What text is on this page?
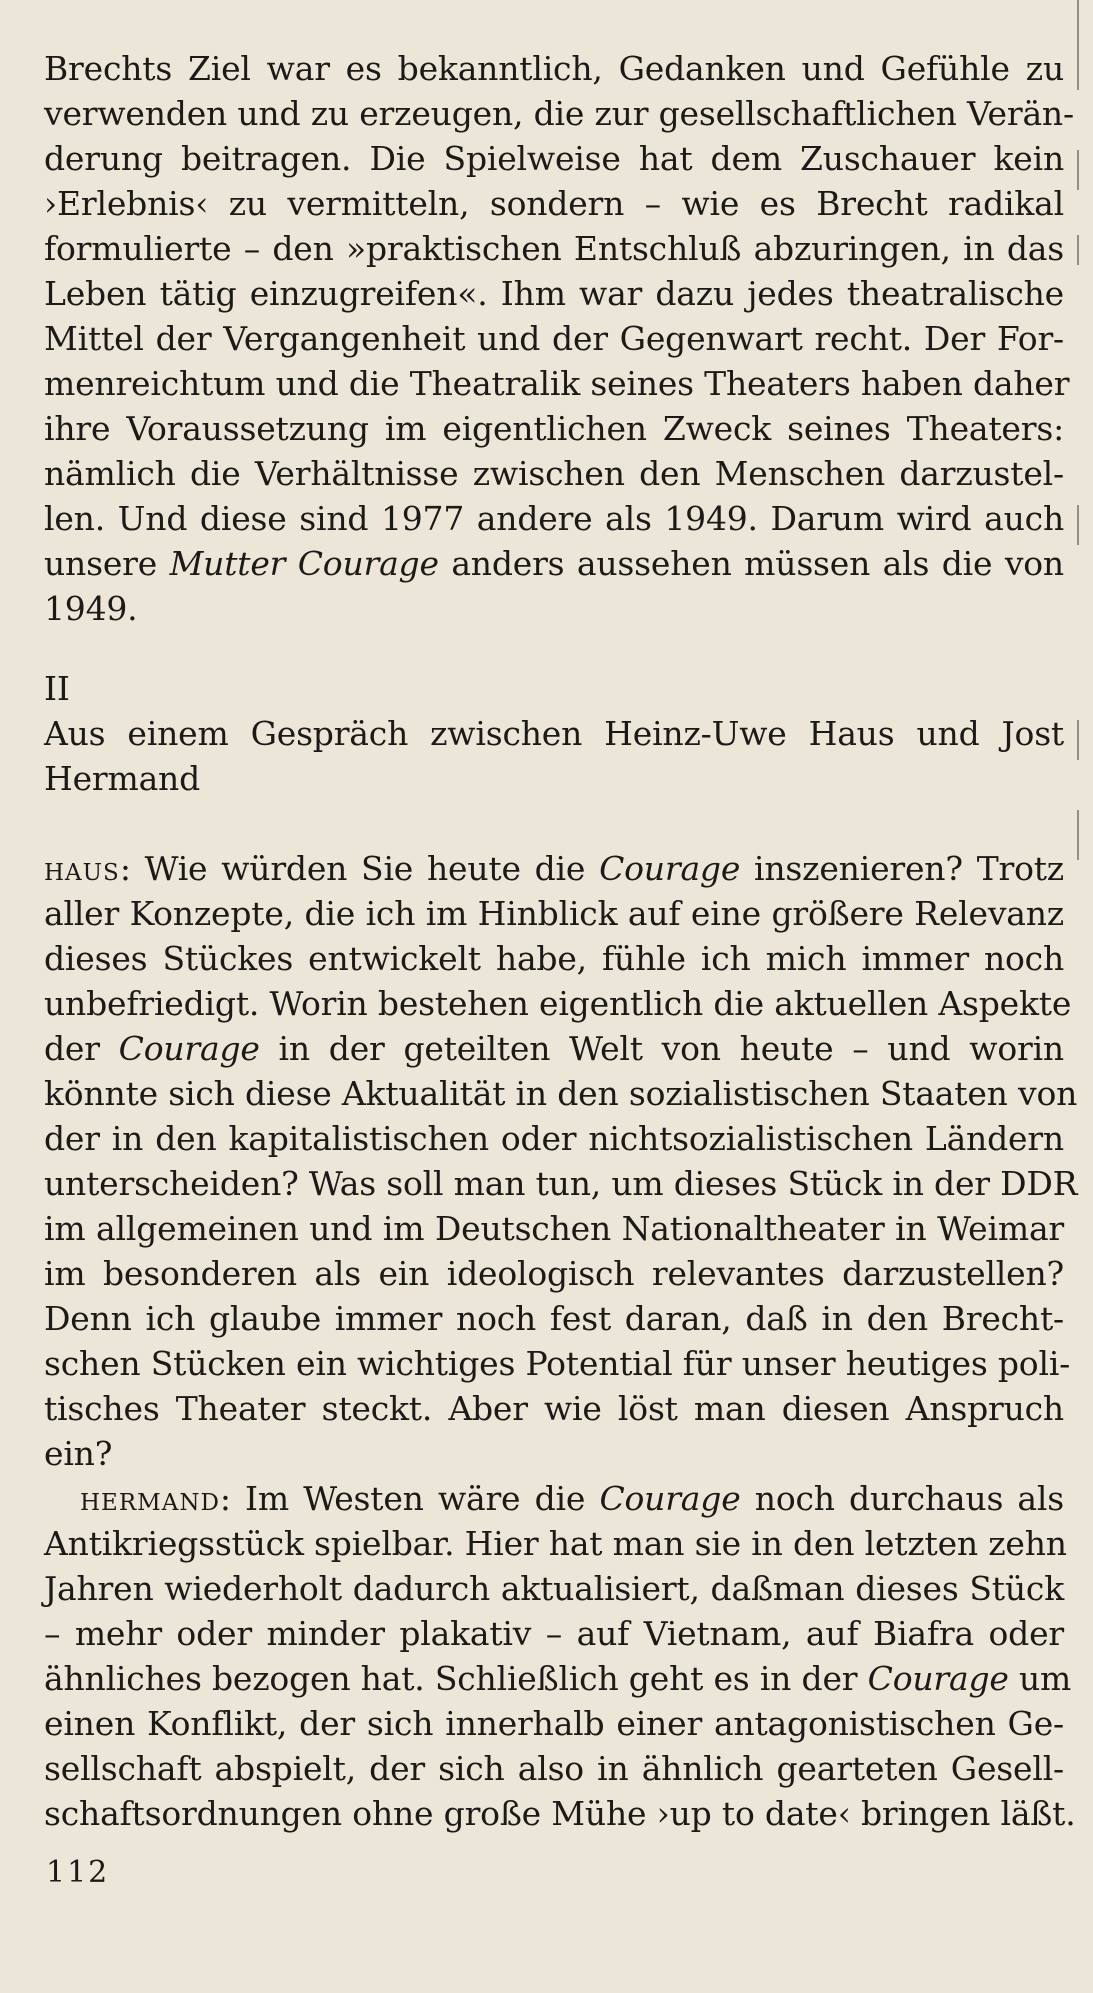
Brechts Ziel war es bekanntlich, Gedanken und Gefühle zu
verwenden und zu erzeugen, die zur gesellschaftlichen Verän-
derung beitragen. Die Spielweise hat dem Zuschauer kein
›Erlebnis‹ zu vermitteln, sondern – wie es Brecht radikal
formulierte – den »praktischen Entschluß abzuringen, in das
Leben tätig einzugreifen«. Ihm war dazu jedes theatralische
Mittel der Vergangenheit und der Gegenwart recht. Der For-
menreichtum und die Theatralik seines Theaters haben daher
ihre Voraussetzung im eigentlichen Zweck seines Theaters:
nämlich die Verhältnisse zwischen den Menschen darzustel-
len. Und diese sind 1977 andere als 1949. Darum wird auch
unsere Mutter Courage anders aussehen müssen als die von
1949.
II
Aus einem Gespräch zwischen Heinz-Uwe Haus und Jost
Hermand
haus: Wie würden Sie heute die Courage inszenieren? Trotz
aller Konzepte, die ich im Hinblick auf eine größere Relevanz
dieses Stückes entwickelt habe, fühle ich mich immer noch
unbefriedigt. Worin bestehen eigentlich die aktuellen Aspekte
der Courage in der geteilten Welt von heute – und worin
könnte sich diese Aktualität in den sozialistischen Staaten von
der in den kapitalistischen oder nichtsozialistischen Ländern
unterscheiden? Was soll man tun, um dieses Stück in der DDR
im allgemeinen und im Deutschen Nationaltheater in Weimar
im besonderen als ein ideologisch relevantes darzustellen?
Denn ich glaube immer noch fest daran, daß in den Brecht-
schen Stücken ein wichtiges Potential für unser heutiges poli-
tisches Theater steckt. Aber wie löst man diesen Anspruch
ein?
hermand: Im Westen wäre die Courage noch durchaus als
Antikriegsstück spielbar. Hier hat man sie in den letzten zehn
Jahren wiederholt dadurch aktualisiert, daßman dieses Stück
– mehr oder minder plakativ – auf Vietnam, auf Biafra oder
ähnliches bezogen hat. Schließlich geht es in der Courage um
einen Konflikt, der sich innerhalb einer antagonistischen Ge-
sellschaft abspielt, der sich also in ähnlich gearteten Gesell-
schaftsordnungen ohne große Mühe ›up to date‹ bringen läßt.
112
